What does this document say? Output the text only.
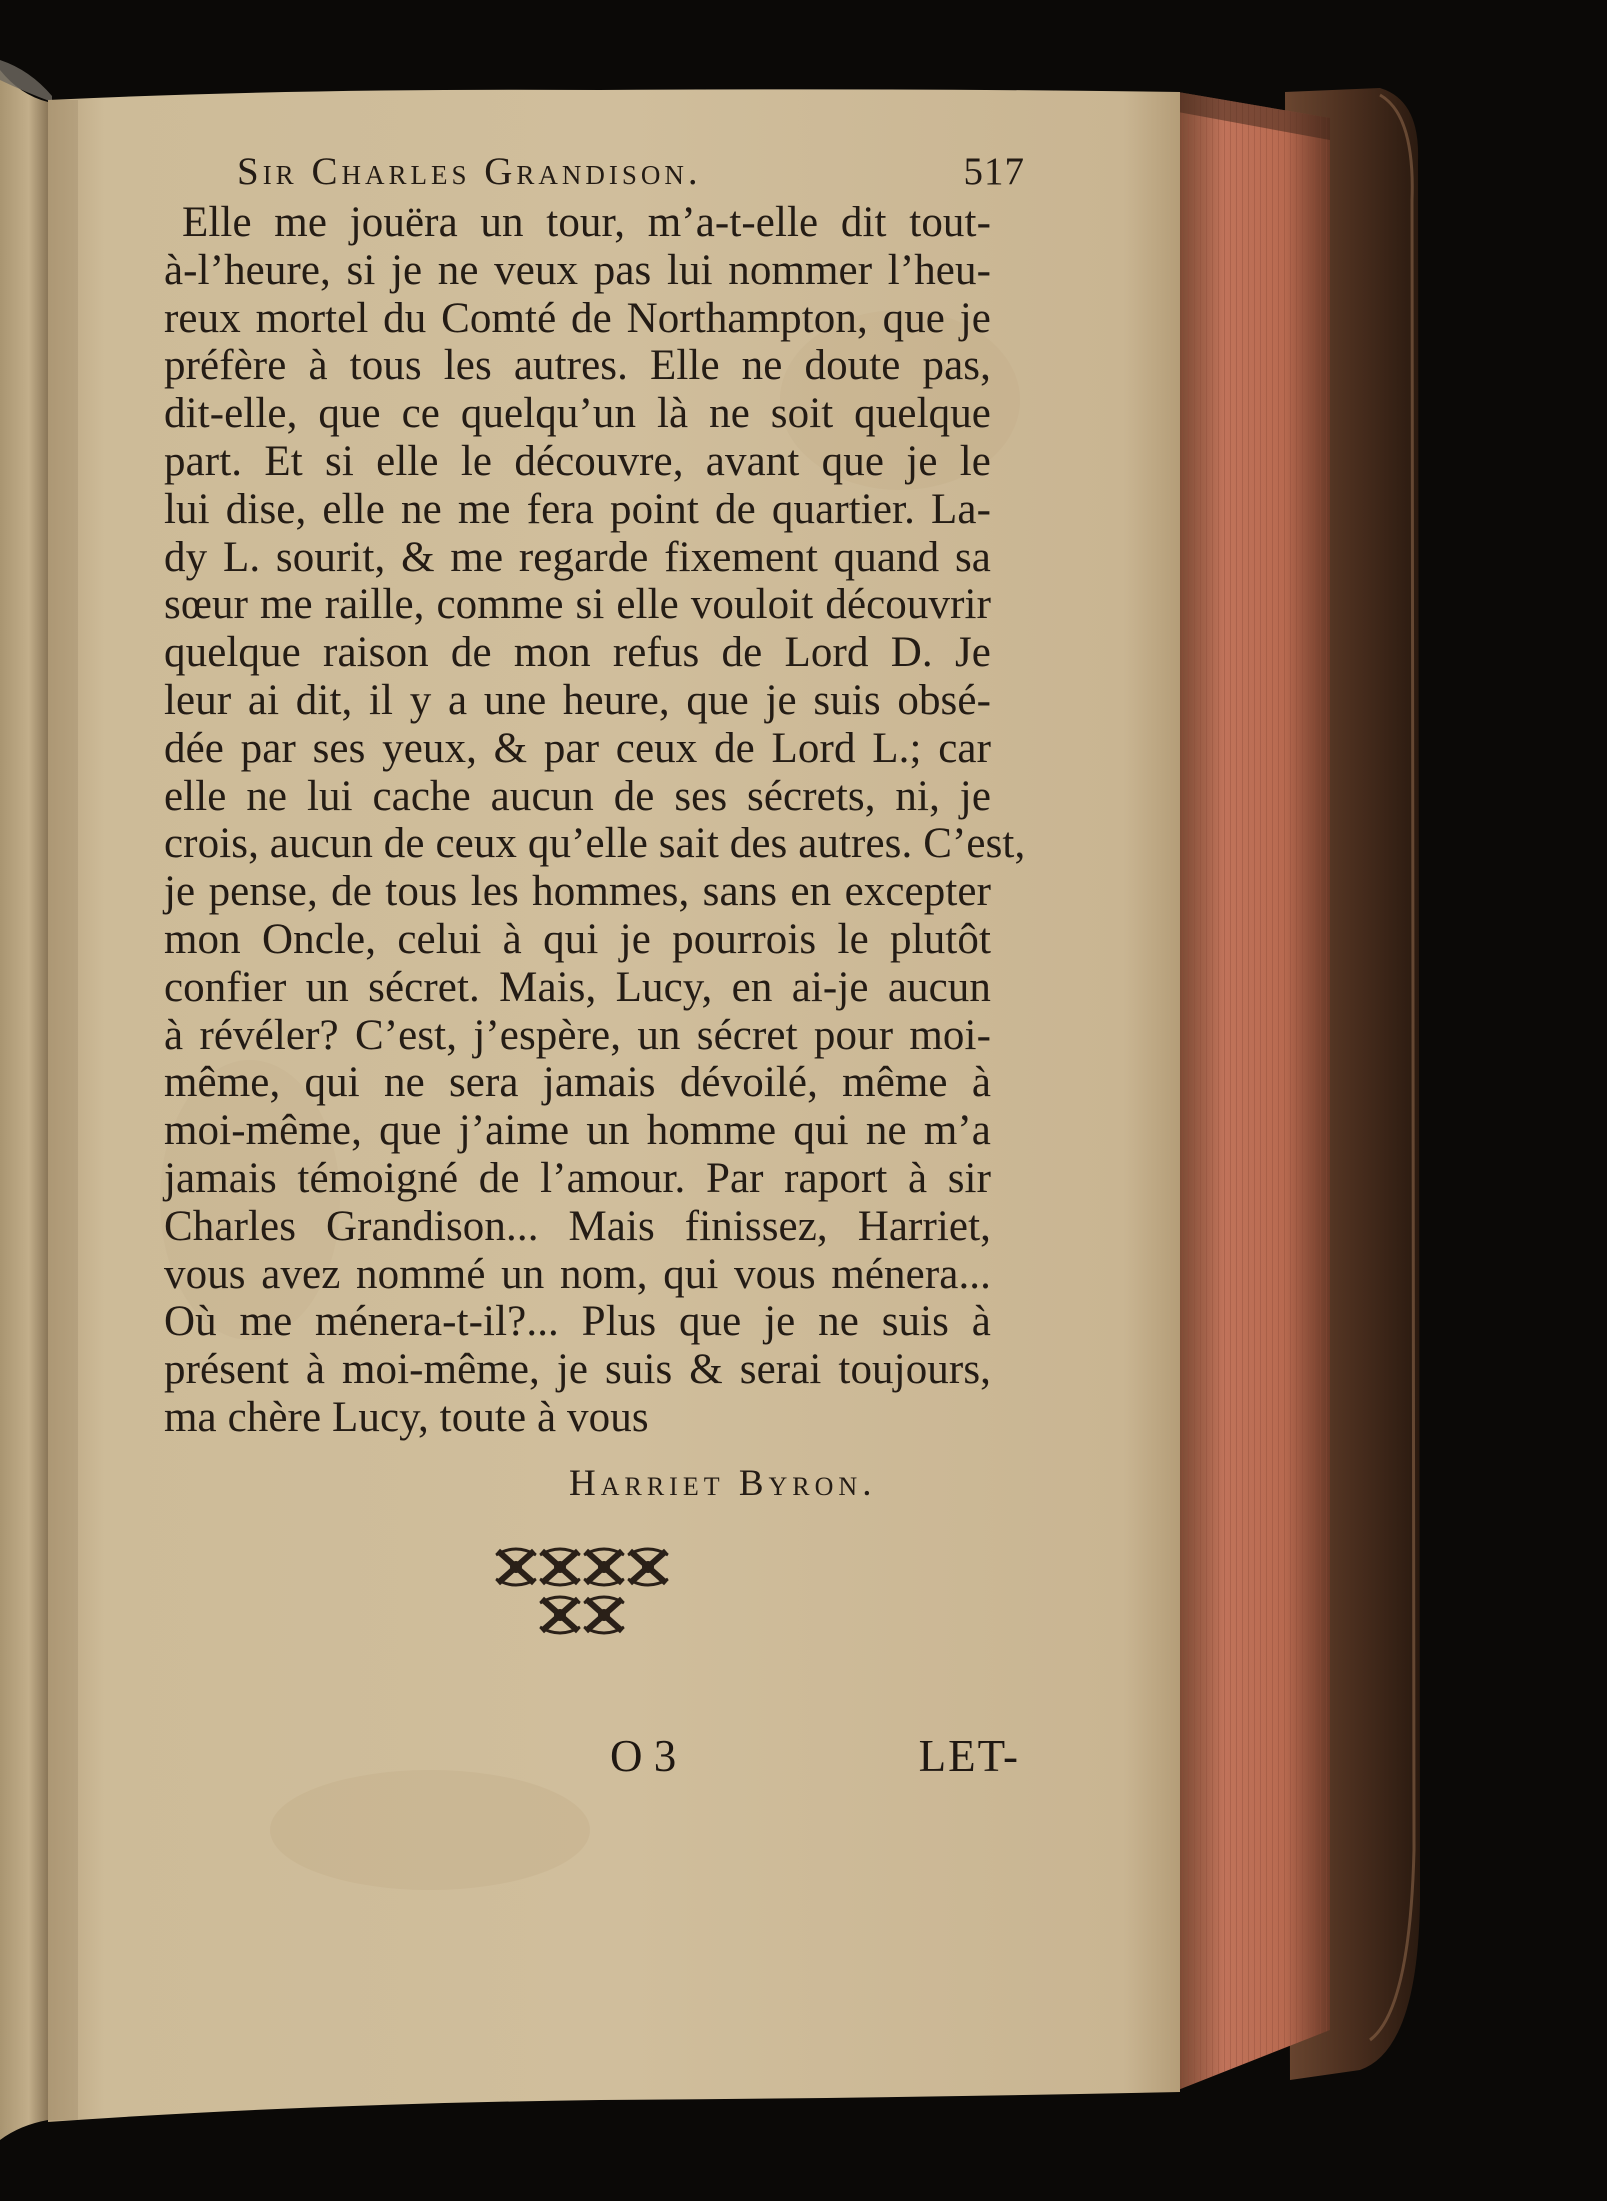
Sir Charles Grandison.	517
Elle me jouëra un tour, m’a-t-elle dit tout-
à-l’heure, si je ne veux pas lui nommer l’heu-
reux mortel du Comté de Northampton, que je
préfère à tous les autres. Elle ne doute pas,
dit-elle, que ce quelqu’un là ne soit quelque
part. Et si elle le découvre, avant que je le
lui dise, elle ne me fera point de quartier. La-
dy L. sourit, & me regarde fixement quand sa
sœur me raille, comme si elle vouloit découvrir
quelque raison de mon refus de Lord D. Je
leur ai dit, il y a une heure, que je suis obsé-
dée par ses yeux, & par ceux de Lord L.; car
elle ne lui cache aucun de ses sécrets, ni, je
crois, aucun de ceux qu’elle sait des autres. C’est,
je pense, de tous les hommes, sans en excepter
mon Oncle, celui à qui je pourrois le plutôt
confier un sécret. Mais, Lucy, en ai-je aucun
à révéler? C’est, j’espère, un sécret pour moi-
même, qui ne sera jamais dévoilé, même à
moi-même, que j’aime un homme qui ne m’a
jamais témoigné de l’amour. Par raport à sir
Charles Grandison... Mais finissez, Harriet,
vous avez nommé un nom, qui vous ménera...
Où me ménera-t-il?... Plus que je ne suis à
présent à moi-même, je suis & serai toujours,
ma chère Lucy, toute à vous
Harriet Byron.
O 3	LET-
